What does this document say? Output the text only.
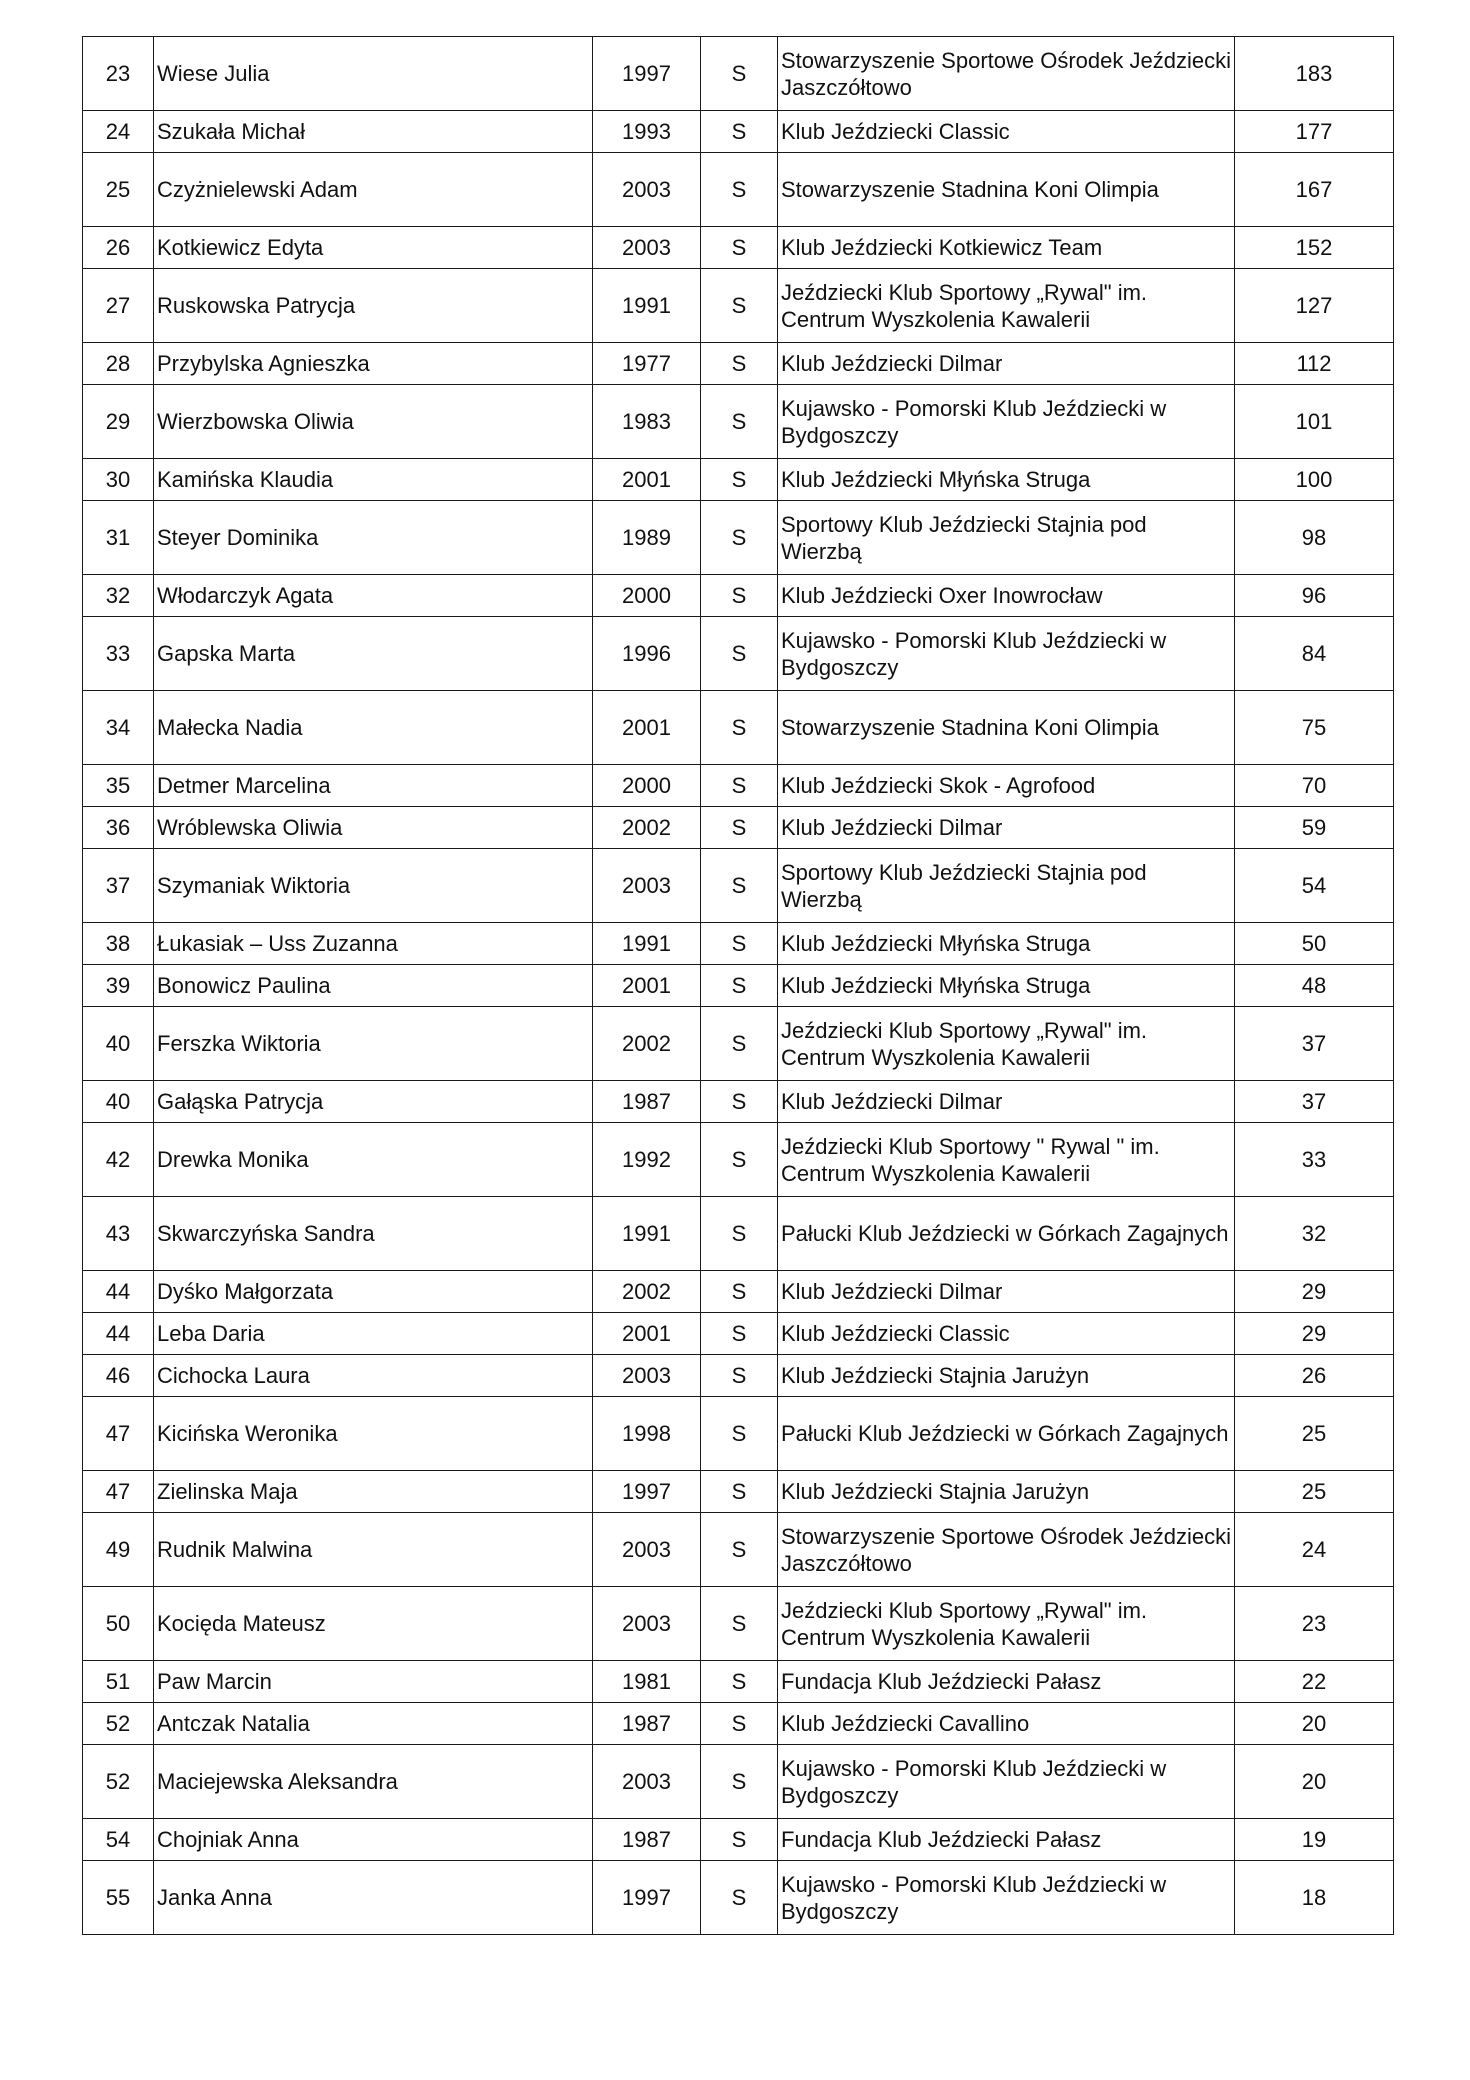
23	Wiese Julia	1997	S	Stowarzyszenie Sportowe Ośrodek Jeździecki Jaszczółtowo	183
24	Szukała Michał	1993	S	Klub Jeździecki Classic	177
25	Czyżnielewski Adam	2003	S	Stowarzyszenie Stadnina Koni Olimpia	167
26	Kotkiewicz Edyta	2003	S	Klub Jeździecki Kotkiewicz Team	152
27	Ruskowska Patrycja	1991	S	Jeździecki Klub Sportowy „Rywal" im. Centrum Wyszkolenia Kawalerii	127
28	Przybylska Agnieszka	1977	S	Klub Jeździecki Dilmar	112
29	Wierzbowska Oliwia	1983	S	Kujawsko - Pomorski Klub Jeździecki w Bydgoszczy	101
30	Kamińska Klaudia	2001	S	Klub Jeździecki Młyńska Struga	100
31	Steyer Dominika	1989	S	Sportowy Klub Jeździecki Stajnia pod Wierzbą	98
32	Włodarczyk Agata	2000	S	Klub Jeździecki Oxer Inowrocław	96
33	Gapska Marta	1996	S	Kujawsko - Pomorski Klub Jeździecki w Bydgoszczy	84
34	Małecka Nadia	2001	S	Stowarzyszenie Stadnina Koni Olimpia	75
35	Detmer Marcelina	2000	S	Klub Jeździecki Skok - Agrofood	70
36	Wróblewska Oliwia	2002	S	Klub Jeździecki Dilmar	59
37	Szymaniak Wiktoria	2003	S	Sportowy Klub Jeździecki Stajnia pod Wierzbą	54
38	Łukasiak – Uss Zuzanna	1991	S	Klub Jeździecki Młyńska Struga	50
39	Bonowicz Paulina	2001	S	Klub Jeździecki Młyńska Struga	48
40	Ferszka Wiktoria	2002	S	Jeździecki Klub Sportowy „Rywal" im. Centrum Wyszkolenia Kawalerii	37
40	Gałąska Patrycja	1987	S	Klub Jeździecki Dilmar	37
42	Drewka Monika	1992	S	Jeździecki Klub Sportowy " Rywal " im. Centrum Wyszkolenia Kawalerii	33
43	Skwarczyńska Sandra	1991	S	Pałucki Klub Jeździecki w Górkach Zagajnych	32
44	Dyśko Małgorzata	2002	S	Klub Jeździecki Dilmar	29
44	Leba Daria	2001	S	Klub Jeździecki Classic	29
46	Cichocka Laura	2003	S	Klub Jeździecki Stajnia Jarużyn	26
47	Kicińska Weronika	1998	S	Pałucki Klub Jeździecki w Górkach Zagajnych	25
47	Zielinska Maja	1997	S	Klub Jeździecki Stajnia Jarużyn	25
49	Rudnik Malwina	2003	S	Stowarzyszenie Sportowe Ośrodek Jeździecki Jaszczółtowo	24
50	Kocięda Mateusz	2003	S	Jeździecki Klub Sportowy „Rywal" im. Centrum Wyszkolenia Kawalerii	23
51	Paw Marcin	1981	S	Fundacja Klub Jeździecki Pałasz	22
52	Antczak Natalia	1987	S	Klub Jeździecki Cavallino	20
52	Maciejewska Aleksandra	2003	S	Kujawsko - Pomorski Klub Jeździecki w Bydgoszczy	20
54	Chojniak Anna	1987	S	Fundacja Klub Jeździecki Pałasz	19
55	Janka Anna	1997	S	Kujawsko - Pomorski Klub Jeździecki w Bydgoszczy	18
